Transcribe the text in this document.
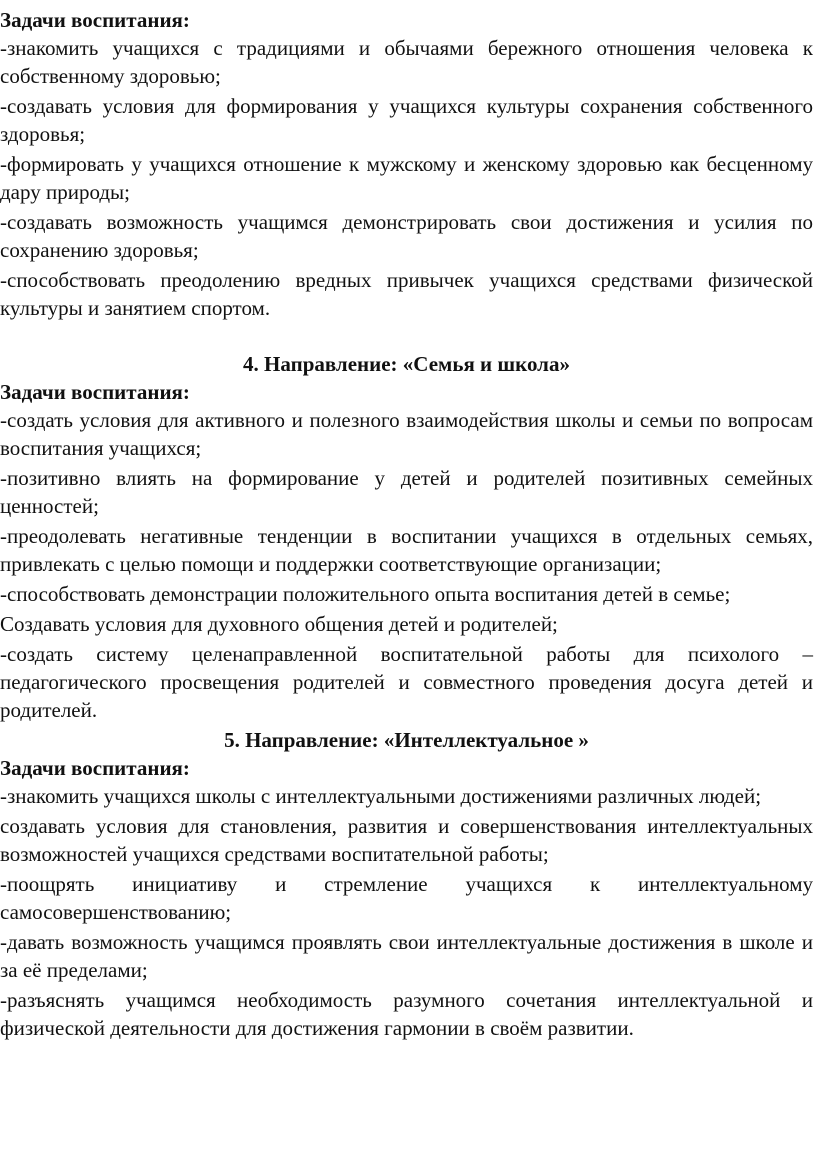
Задачи воспитания:

-знакомить учащихся с традициями и обычаями бережного отношения человека к собственному здоровью;

-создавать условия для формирования у учащихся культуры сохранения собственного здоровья;

-формировать у учащихся отношение к мужскому и женскому здоровью как бесценному дару природы;

-создавать возможность учащимся демонстрировать свои достижения и усилия по сохранению здоровья;

-способствовать преодолению вредных привычек учащихся средствами физической культуры и занятием спортом.

4. Направление: «Семья и школа»

Задачи воспитания:

-создать условия для активного и полезного взаимодействия школы и семьи по вопросам воспитания учащихся;

-позитивно влиять на формирование у детей и родителей позитивных семейных ценностей;

-преодолевать негативные тенденции в воспитании учащихся в отдельных семьях, привлекать с целью помощи и поддержки соответствующие организации;

-способствовать демонстрации положительного опыта воспитания детей в семье;

Создавать условия для духовного общения детей и родителей;

-создать систему целенаправленной воспитательной работы для психолого – педагогического просвещения родителей и совместного проведения досуга детей и родителей.

5. Направление: «Интеллектуальное »

Задачи воспитания:

-знакомить учащихся школы с интеллектуальными достижениями различных людей;

создавать условия для становления, развития и совершенствования интеллектуальных возможностей учащихся средствами воспитательной работы;

-поощрять инициативу и стремление учащихся к интеллектуальному самосовершенствованию;

-давать возможность учащимся проявлять свои интеллектуальные достижения в школе и за её пределами;

-разъяснять учащимся необходимость разумного сочетания интеллектуальной и физической деятельности для достижения гармонии в своём развитии.
